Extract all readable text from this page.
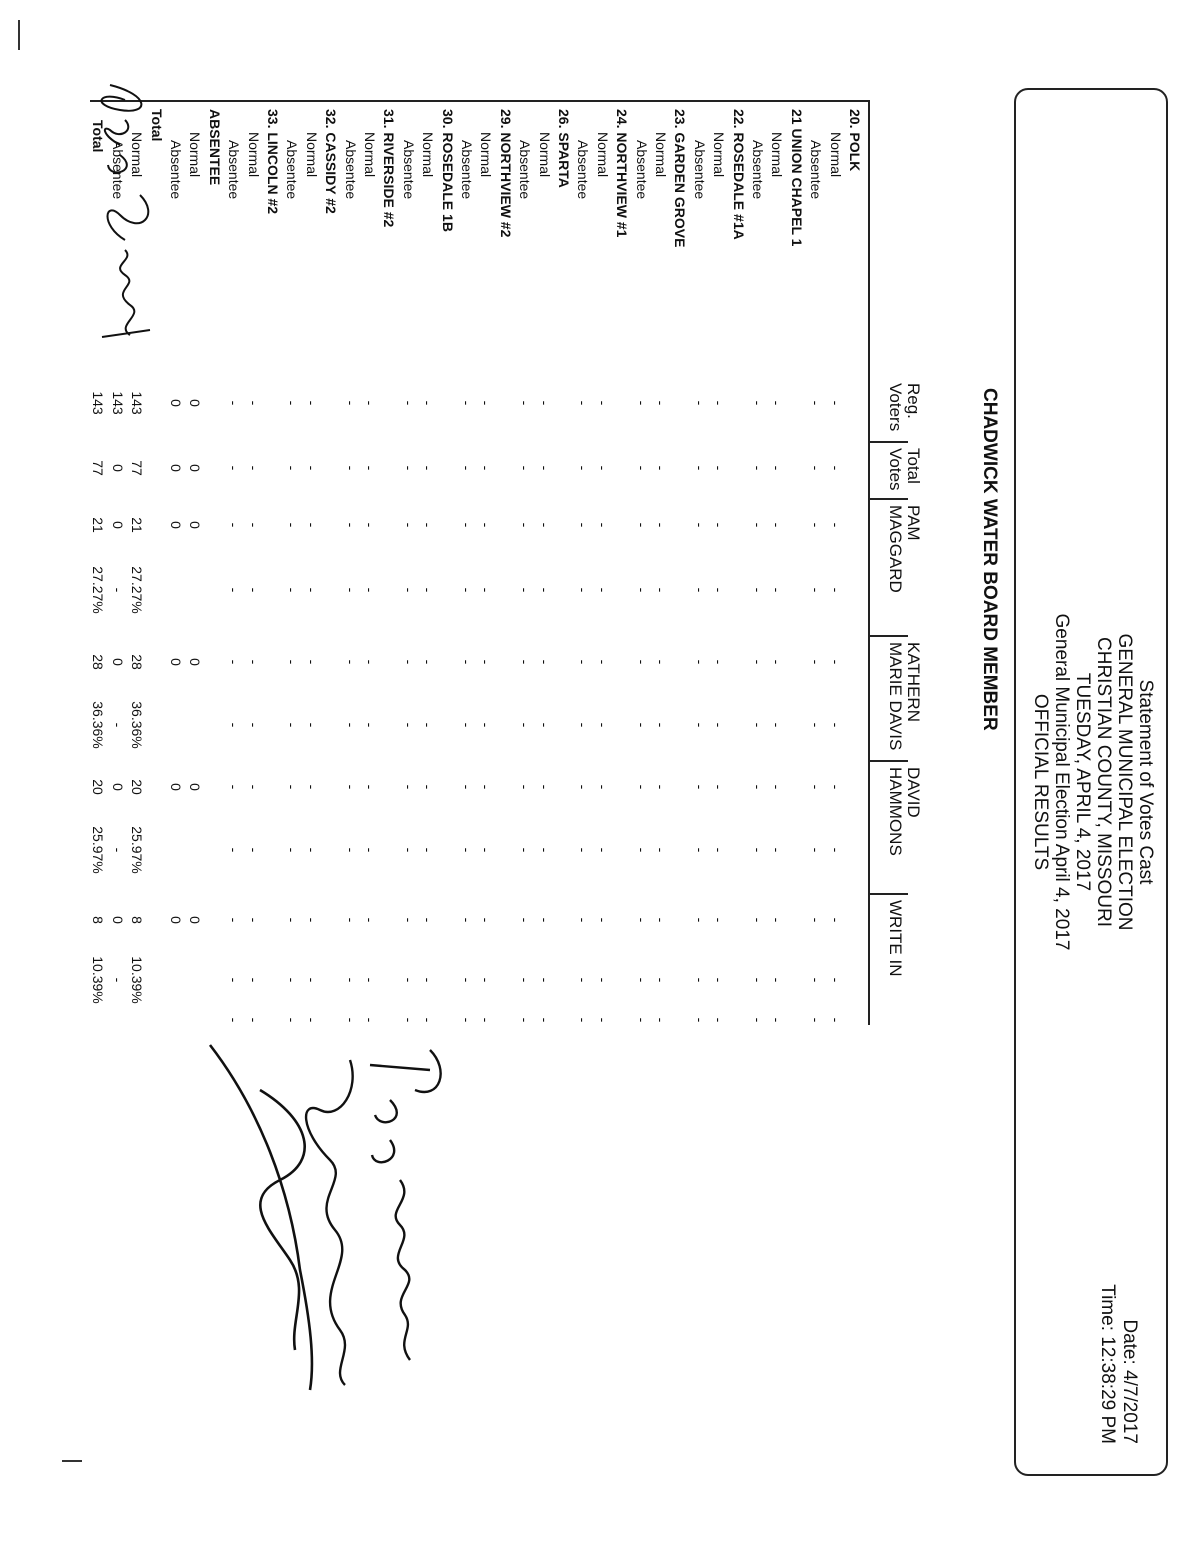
Statement of Votes Cast
GENERAL MUNICIPAL ELECTION
CHRISTIAN COUNTY, MISSOURI
TUESDAY, APRIL 4, 2017
General Municipal Election April 4, 2017
OFFICIAL RESULTS
Date: 4/7/2017
Time: 12:38:29 PM
CHADWICK WATER BOARD MEMBER
Reg.
Voters
Total
Votes
PAM
MAGGARD
KATHERN
MARIE DAVIS
DAVID
HAMMONS
WRITE IN
20. POLK
Normal
-
-
-
-
-
-
-
-
-
-
-
Absentee
-
-
-
-
-
-
-
-
-
-
-
21 UNION CHAPEL 1
Normal
-
-
-
-
-
-
-
-
-
-
-
Absentee
-
-
-
-
-
-
-
-
-
-
-
22. ROSEDALE #1A
Normal
-
-
-
-
-
-
-
-
-
-
-
Absentee
-
-
-
-
-
-
-
-
-
-
-
23. GARDEN GROVE
Normal
-
-
-
-
-
-
-
-
-
-
-
Absentee
-
-
-
-
-
-
-
-
-
-
-
24. NORTHVIEW #1
Normal
-
-
-
-
-
-
-
-
-
-
-
Absentee
-
-
-
-
-
-
-
-
-
-
-
26. SPARTA
Normal
-
-
-
-
-
-
-
-
-
-
-
Absentee
-
-
-
-
-
-
-
-
-
-
-
29. NORTHVIEW #2
Normal
-
-
-
-
-
-
-
-
-
-
-
Absentee
-
-
-
-
-
-
-
-
-
-
-
30. ROSEDALE 1B
Normal
-
-
-
-
-
-
-
-
-
-
-
Absentee
-
-
-
-
-
-
-
-
-
-
-
31. RIVERSIDE #2
Normal
-
-
-
-
-
-
-
-
-
-
-
Absentee
-
-
-
-
-
-
-
-
-
-
-
32. CASSIDY #2
Normal
-
-
-
-
-
-
-
-
-
-
-
Absentee
-
-
-
-
-
-
-
-
-
-
-
33. LINCOLN #2
Normal
-
-
-
-
-
-
-
-
-
-
-
Absentee
-
-
-
-
-
-
-
-
-
-
-
ABSENTEE
Normal
0
0
0
0
0
0
Absentee
0
0
0
0
0
0
Total
Normal
143
77
21
27.27%
28
36.36%
20
25.97%
8
10.39%
Absentee
143
0
0
-
0
-
0
-
0
-
Total
143
77
21
27.27%
28
36.36%
20
25.97%
8
10.39%
